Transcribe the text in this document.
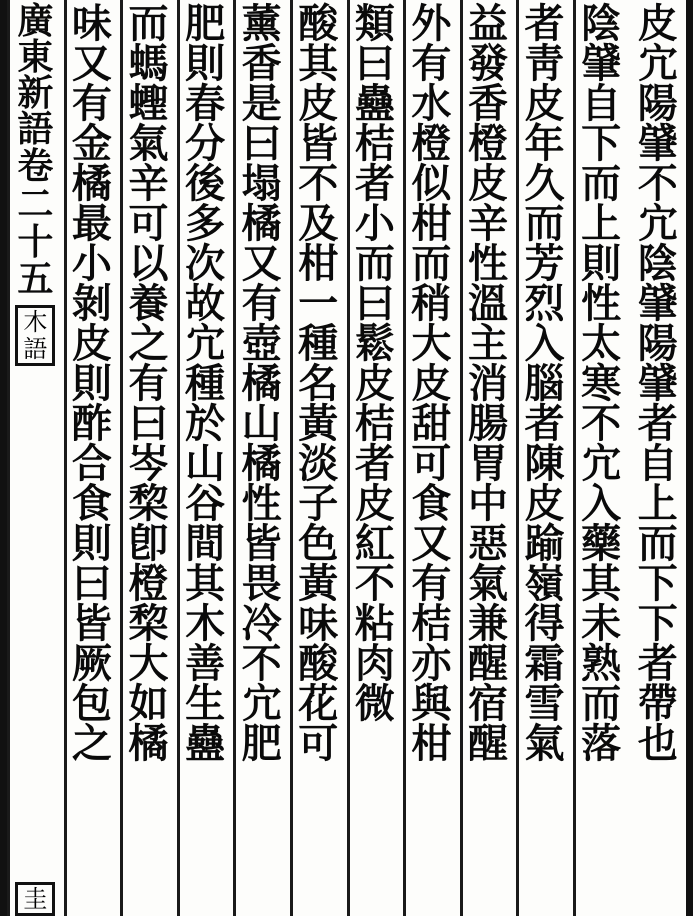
皮宂陽肈不宂陰肈陽肈者自上而下下者帶也
陰肈自下而上則性太寒不宂入藥其未熟而落
者靑皮年久而芳烈入腦者陳皮踰嶺得霜雪氣
益發香橙皮辛性溫主消腸胃中惡氣兼醒宿醒
外有水橙似柑而稍大皮甜可食又有桔亦與柑
類曰蠱桔者小而曰鬆皮桔者皮紅不粘肉微
酸其皮皆不及柑一種名黃淡子色黃味酸花可
薰香是曰塌橘又有壺橘山橘性皆畏冷不宂肥
肥則春分後多次故宂種於山谷間其木善生蠱
而螞蟶氣辛可以養之有曰岑棃卽橙棃大如橘
味又有金橘最小剝皮則酢合食則曰皆厥包之
廣東新語
卷二十五
木語
圭
